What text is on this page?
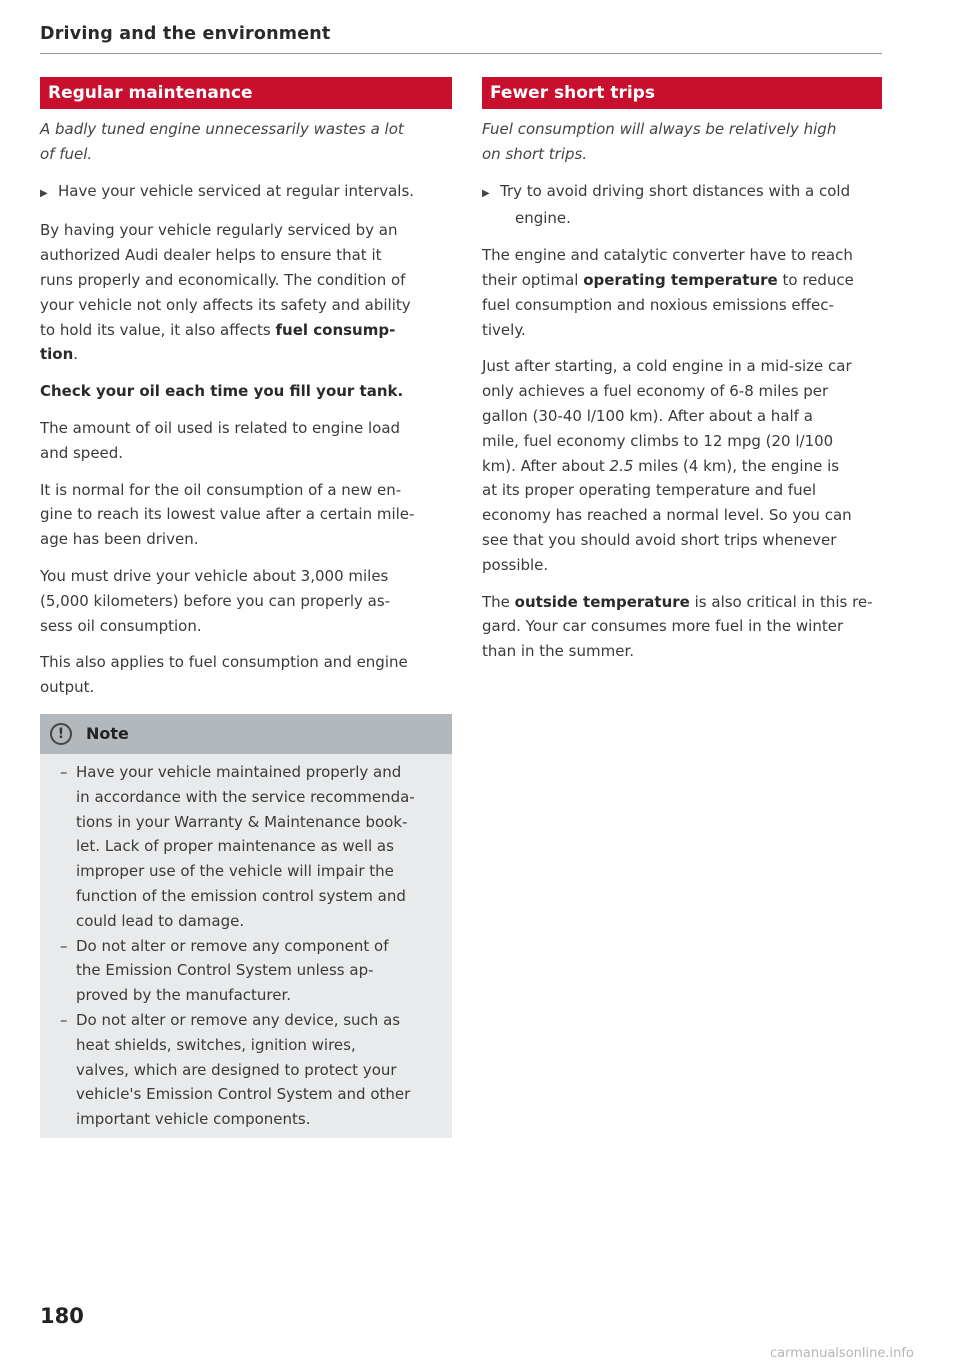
Driving and the environment
Regular maintenance

A badly tuned engine unnecessarily wastes a lot
of fuel.

▶ Have your vehicle serviced at regular intervals.

By having your vehicle regularly serviced by an
authorized Audi dealer helps to ensure that it
runs properly and economically. The condition of
your vehicle not only affects its safety and ability
to hold its value, it also affects fuel consump-
tion.

Check your oil each time you fill your tank.

The amount of oil used is related to engine load
and speed.

It is normal for the oil consumption of a new en-
gine to reach its lowest value after a certain mile-
age has been driven.

You must drive your vehicle about 3,000 miles
(5,000 kilometers) before you can properly as-
sess oil consumption.

This also applies to fuel consumption and engine
output.

!	Note
– Have your vehicle maintained properly and
in accordance with the service recommenda-
tions in your Warranty & Maintenance book-
let. Lack of proper maintenance as well as
improper use of the vehicle will impair the
function of the emission control system and
could lead to damage.
– Do not alter or remove any component of
the Emission Control System unless ap-
proved by the manufacturer.
– Do not alter or remove any device, such as
heat shields, switches, ignition wires,
valves, which are designed to protect your
vehicle's Emission Control System and other
important vehicle components.
Fewer short trips

Fuel consumption will always be relatively high
on short trips.

▶ Try to avoid driving short distances with a cold
engine.

The engine and catalytic converter have to reach
their optimal operating temperature to reduce
fuel consumption and noxious emissions effec-
tively.

Just after starting, a cold engine in a mid-size car
only achieves a fuel economy of 6-8 miles per
gallon (30-40 l/100 km). After about a half a
mile, fuel economy climbs to 12 mpg (20 l/100
km). After about 2.5 miles (4 km), the engine is
at its proper operating temperature and fuel
economy has reached a normal level. So you can
see that you should avoid short trips whenever
possible.

The outside temperature is also critical in this re-
gard. Your car consumes more fuel in the winter
than in the summer.

180
carmanualsonline.info
